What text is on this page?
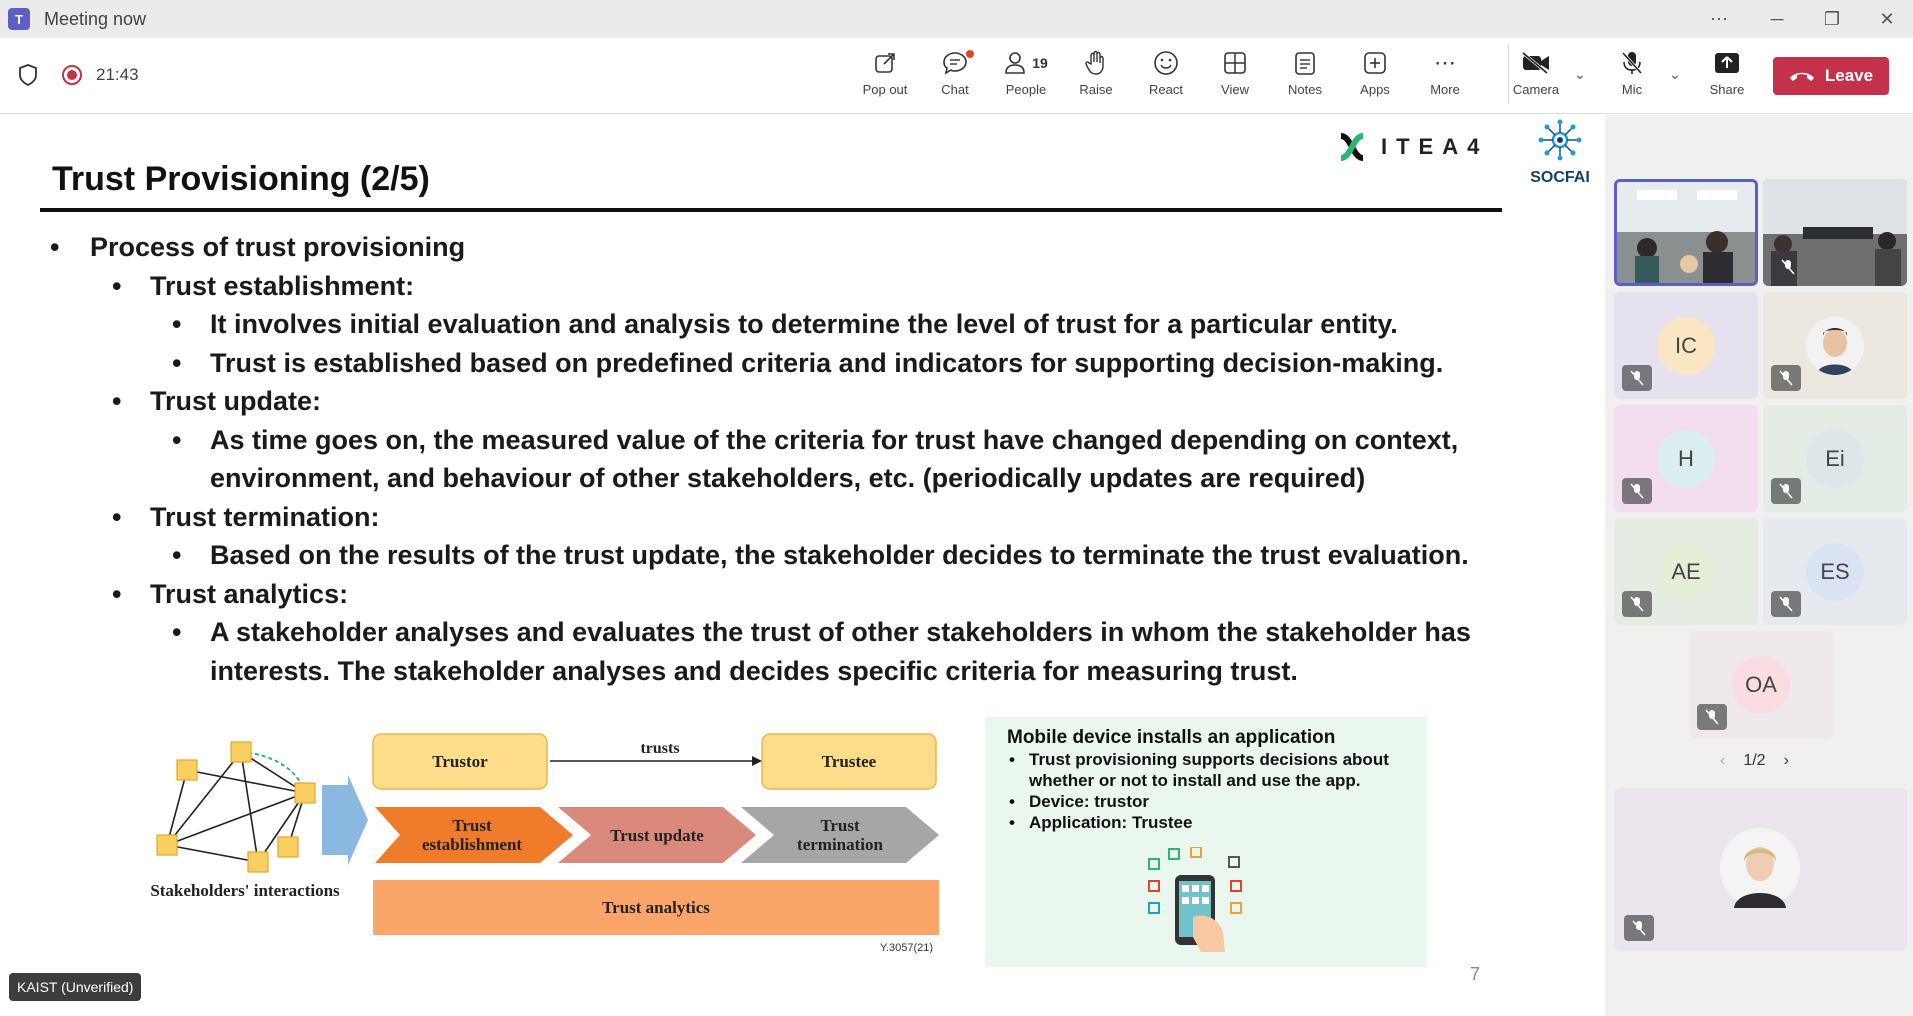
T	Meeting now	⋯	─	❐	✕
21:43
Pop out	Chat
19
People	Raise	React	View	Notes	Apps
⋯
More	Camera
⌄
Mic
⌄
Share
Leave
ITEA4
SOCFAI
Trust Provisioning (2/5)
• Process of trust provisioning
• Trust establishment:
• It involves initial evaluation and analysis to determine the level of trust for a particular entity.
• Trust is established based on predefined criteria and indicators for supporting decision-making.
• Trust update:
• As time goes on, the measured value of the criteria for trust have changed depending on context, environment, and behaviour of other stakeholders, etc. (periodically updates are required)
• Trust termination:
• Based on the results of the trust update, the stakeholder decides to terminate the trust evaluation.
• Trust analytics:
• A stakeholder analyses and evaluates the trust of other stakeholders in whom the stakeholder has interests. The stakeholder analyses and decides specific criteria for measuring trust.
Trustor
trusts
Trustee
Trust establishment	Trust update	Trust termination
Trust analytics
Stakeholders' interactions
Y.3057(21)
Mobile device installs an application
• Trust provisioning supports decisions about whether or not to install and use the app.
• Device: trustor
• Application: Trustee
7
KAIST (Unverified)
IC
H	Ei
AE	ES
OA
‹ 1/2 ›
